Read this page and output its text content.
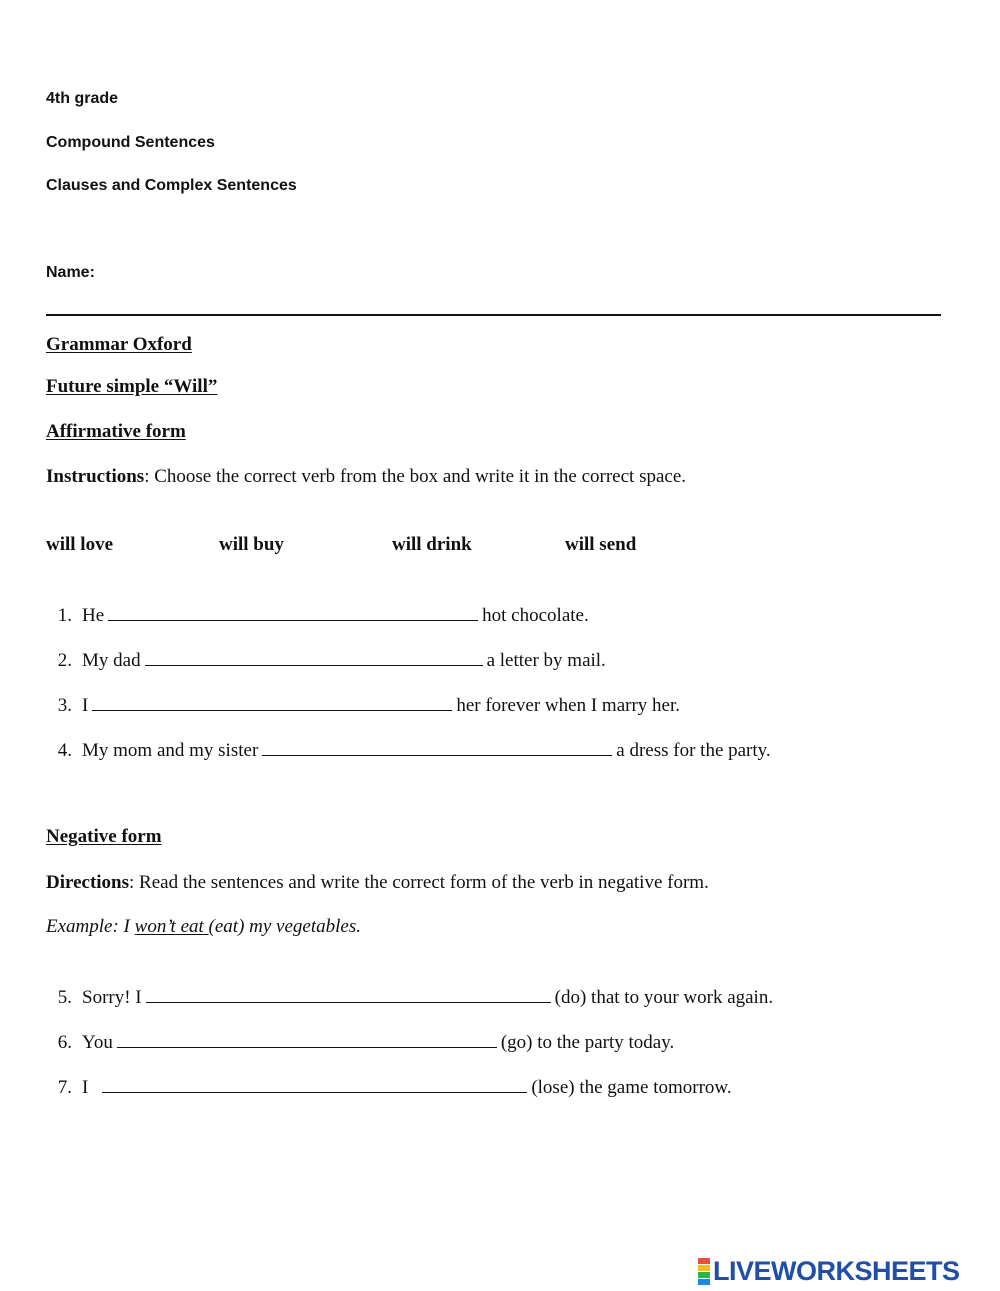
4th grade
Compound Sentences
Clauses and Complex Sentences
Name:
Grammar Oxford
Future simple “Will”
Affirmative form
Instructions: Choose the correct verb from the box and write it in the correct space.
will love	will buy	will drink	will send
1. He	hot chocolate.
2. My dad	a letter by mail.
3. I	her forever when I marry her.
4. My mom and my sister	a dress for the party.
Negative form
Directions: Read the sentences and write the correct form of the verb in negative form.
Example: I won’t eat (eat) my vegetables.
5. Sorry! I	(do) that to your work again.
6. You	(go) to the party today.
7. I	(lose) the game tomorrow.
LIVEWORKSHEETS
